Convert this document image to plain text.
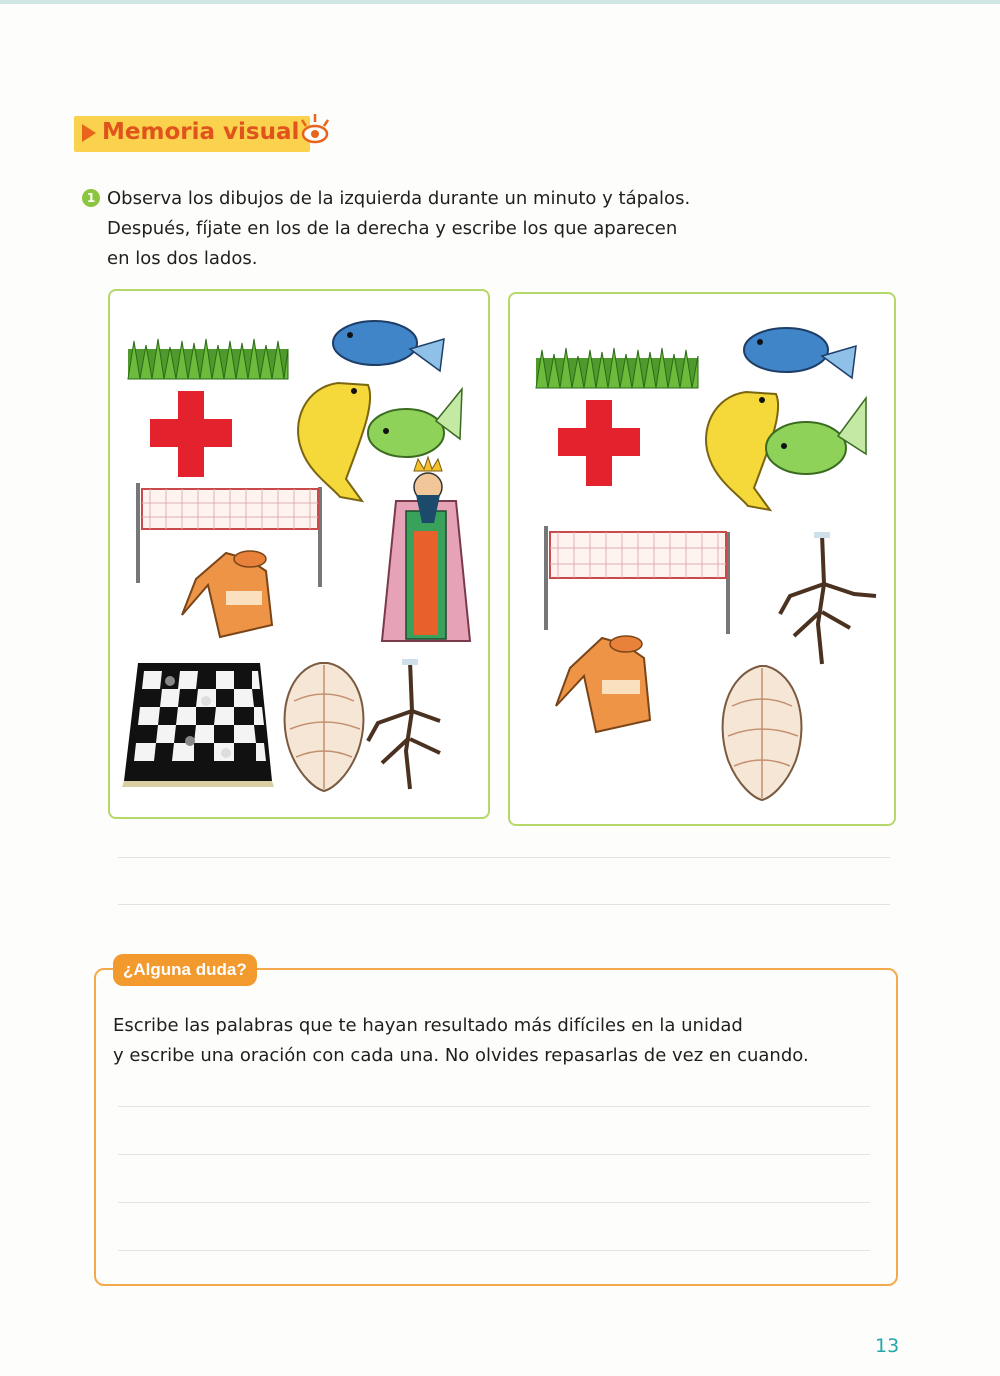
Memoria visual
1 Observa los dibujos de la izquierda durante un minuto y tápalos.

Después, fíjate en los de la derecha y escribe los que aparecen

en los dos lados.

¿Alguna duda?

Escribe las palabras que te hayan resultado más difíciles en la unidad

y escribe una oración con cada una. No olvides repasarlas de vez en cuando.

13
